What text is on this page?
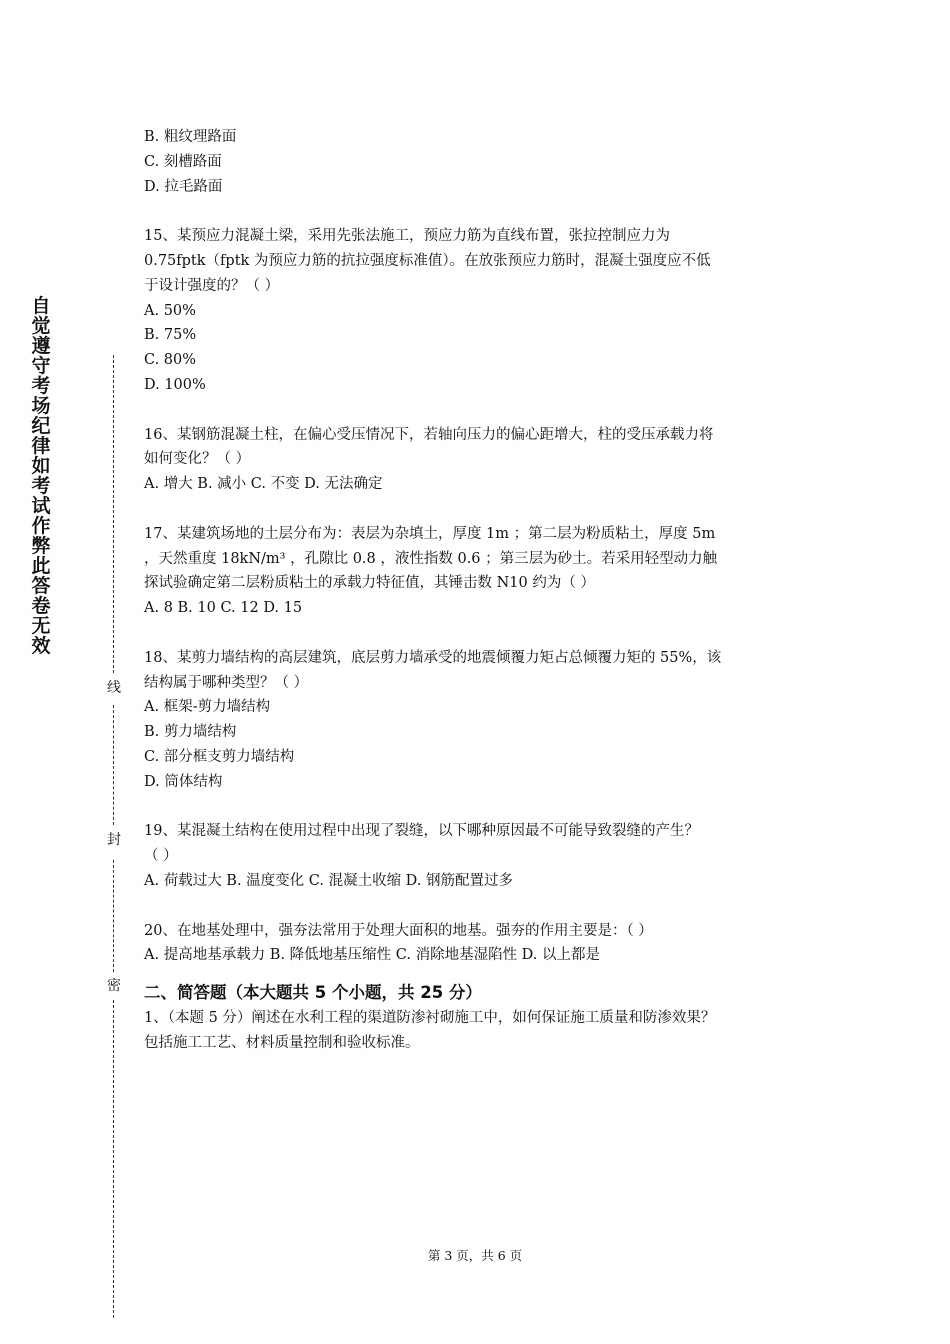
自觉遵守考场纪律如考试作弊此答卷无效
线
封
密
B. 粗纹理路面
C. 刻槽路面
D. 拉毛路面
15、某预应力混凝土梁，采用先张法施工，预应力筋为直线布置，张拉控制应力为
0.75fptk（fptk 为预应力筋的抗拉强度标准值）。在放张预应力筋时，混凝土强度应不低
于设计强度的？（ ）
A. 50%
B. 75%
C. 80%
D. 100%
16、某钢筋混凝土柱，在偏心受压情况下，若轴向压力的偏心距增大，柱的受压承载力将
如何变化？（ ）
A. 增大 B. 减小 C. 不变 D. 无法确定
17、某建筑场地的土层分布为：表层为杂填土，厚度 1m ；第二层为粉质粘土，厚度 5m
，天然重度 18kN/m³ ，孔隙比 0.8 ，液性指数 0.6 ；第三层为砂土。若采用轻型动力触
探试验确定第二层粉质粘土的承载力特征值，其锤击数 N10 约为（ ）
A. 8 B. 10 C. 12 D. 15
18、某剪力墙结构的高层建筑，底层剪力墙承受的地震倾覆力矩占总倾覆力矩的 55%，该
结构属于哪种类型？（ ）
A. 框架-剪力墙结构
B. 剪力墙结构
C. 部分框支剪力墙结构
D. 筒体结构
19、某混凝土结构在使用过程中出现了裂缝，以下哪种原因最不可能导致裂缝的产生？
（ ）
A. 荷载过大 B. 温度变化 C. 混凝土收缩 D. 钢筋配置过多
20、在地基处理中，强夯法常用于处理大面积的地基。强夯的作用主要是：（ ）
A. 提高地基承载力 B. 降低地基压缩性 C. 消除地基湿陷性 D. 以上都是
二、简答题（本大题共 5 个小题，共 25 分）
1、（本题 5 分）阐述在水利工程的渠道防渗衬砌施工中，如何保证施工质量和防渗效果？
包括施工工艺、材料质量控制和验收标准。
第 3 页，共 6 页
